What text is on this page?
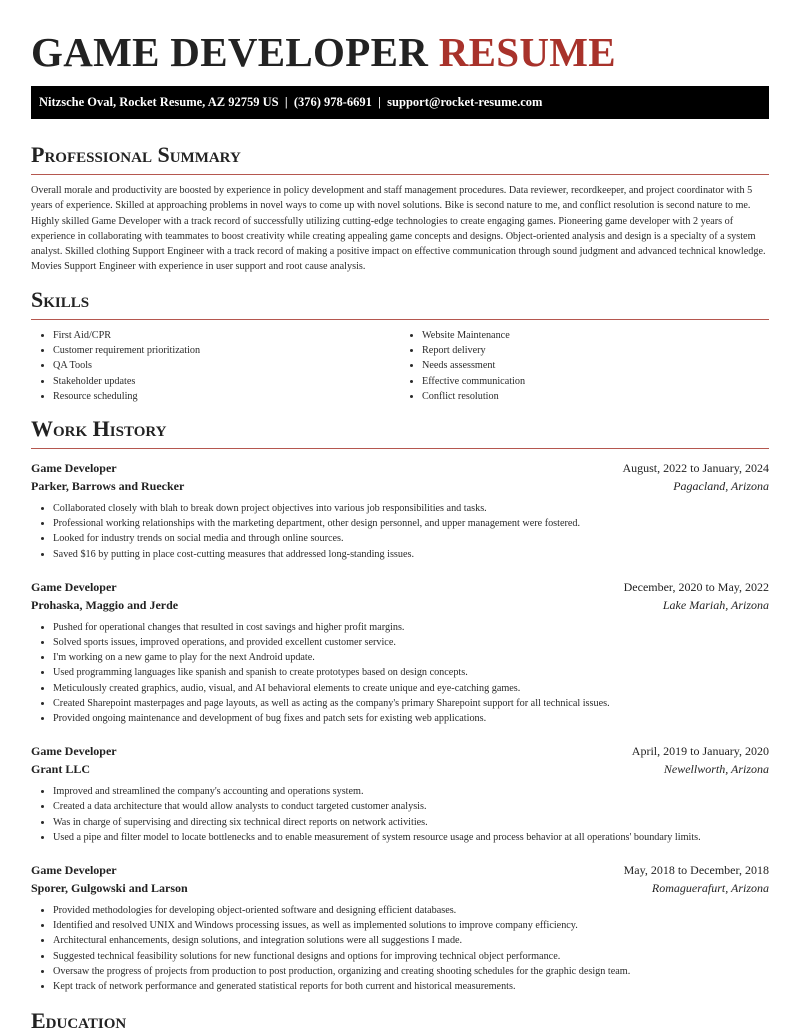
GAME DEVELOPER RESUME
Nitzsche Oval, Rocket Resume, AZ 92759 US  |  (376) 978-6691  |  support@rocket-resume.com
Professional Summary

Overall morale and productivity are boosted by experience in policy development and staff management procedures. Data reviewer, recordkeeper, and project coordinator with 5 years of experience. Skilled at approaching problems in novel ways to come up with novel solutions. Bike is second nature to me, and conflict resolution is second nature to me. Highly skilled Game Developer with a track record of successfully utilizing cutting-edge technologies to create engaging games. Pioneering game developer with 2 years of experience in collaborating with teammates to boost creativity while creating appealing game concepts and designs. Object-oriented analysis and design is a specialty of a system analyst. Skilled clothing Support Engineer with a track record of making a positive impact on effective communication through sound judgment and advanced technical knowledge. Movies Support Engineer with experience in user support and root cause analysis.

Skills
• First Aid/CPR
• Customer requirement prioritization
• QA Tools
• Stakeholder updates
• Resource scheduling
• Website Maintenance
• Report delivery
• Needs assessment
• Effective communication
• Conflict resolution
Work History
Game Developer	August, 2022 to January, 2024
Parker, Barrows and Ruecker	Pagacland, Arizona
• Collaborated closely with blah to break down project objectives into various job responsibilities and tasks.
• Professional working relationships with the marketing department, other design personnel, and upper management were fostered.
• Looked for industry trends on social media and through online sources.
• Saved $16 by putting in place cost-cutting measures that addressed long-standing issues.
Game Developer	December, 2020 to May, 2022
Prohaska, Maggio and Jerde	Lake Mariah, Arizona
• Pushed for operational changes that resulted in cost savings and higher profit margins.
• Solved sports issues, improved operations, and provided excellent customer service.
• I'm working on a new game to play for the next Android update.
• Used programming languages like spanish and spanish to create prototypes based on design concepts.
• Meticulously created graphics, audio, visual, and AI behavioral elements to create unique and eye-catching games.
• Created Sharepoint masterpages and page layouts, as well as acting as the company's primary Sharepoint support for all technical issues.
• Provided ongoing maintenance and development of bug fixes and patch sets for existing web applications.
Game Developer	April, 2019 to January, 2020
Grant LLC	Newellworth, Arizona
• Improved and streamlined the company's accounting and operations system.
• Created a data architecture that would allow analysts to conduct targeted customer analysis.
• Was in charge of supervising and directing six technical direct reports on network activities.
• Used a pipe and filter model to locate bottlenecks and to enable measurement of system resource usage and process behavior at all operations' boundary limits.
Game Developer	May, 2018 to December, 2018
Sporer, Gulgowski and Larson	Romaguerafurt, Arizona
• Provided methodologies for developing object-oriented software and designing efficient databases.
• Identified and resolved UNIX and Windows processing issues, as well as implemented solutions to improve company efficiency.
• Architectural enhancements, design solutions, and integration solutions were all suggestions I made.
• Suggested technical feasibility solutions for new functional designs and options for improving technical object performance.
• Oversaw the progress of projects from production to post production, organizing and creating shooting schedules for the graphic design team.
• Kept track of network performance and generated statistical reports for both current and historical measurements.
Education
